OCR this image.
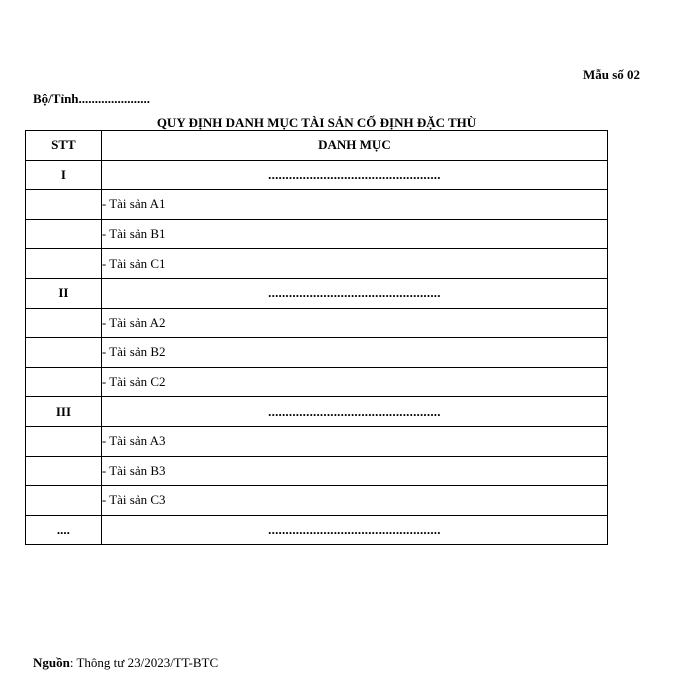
Mẫu số 02
Bộ/Tỉnh......................
QUY ĐỊNH DANH MỤC TÀI SẢN CỐ ĐỊNH ĐẶC THÙ
STT	DANH MỤC
I	..................................................
	- Tài sản A1
	- Tài sản B1
	- Tài sản C1
II	..................................................
	- Tài sản A2
	- Tài sản B2
	- Tài sản C2
III	..................................................
	- Tài sản A3
	- Tài sản B3
	- Tài sản C3
....	..................................................
Nguồn: Thông tư 23/2023/TT-BTC
